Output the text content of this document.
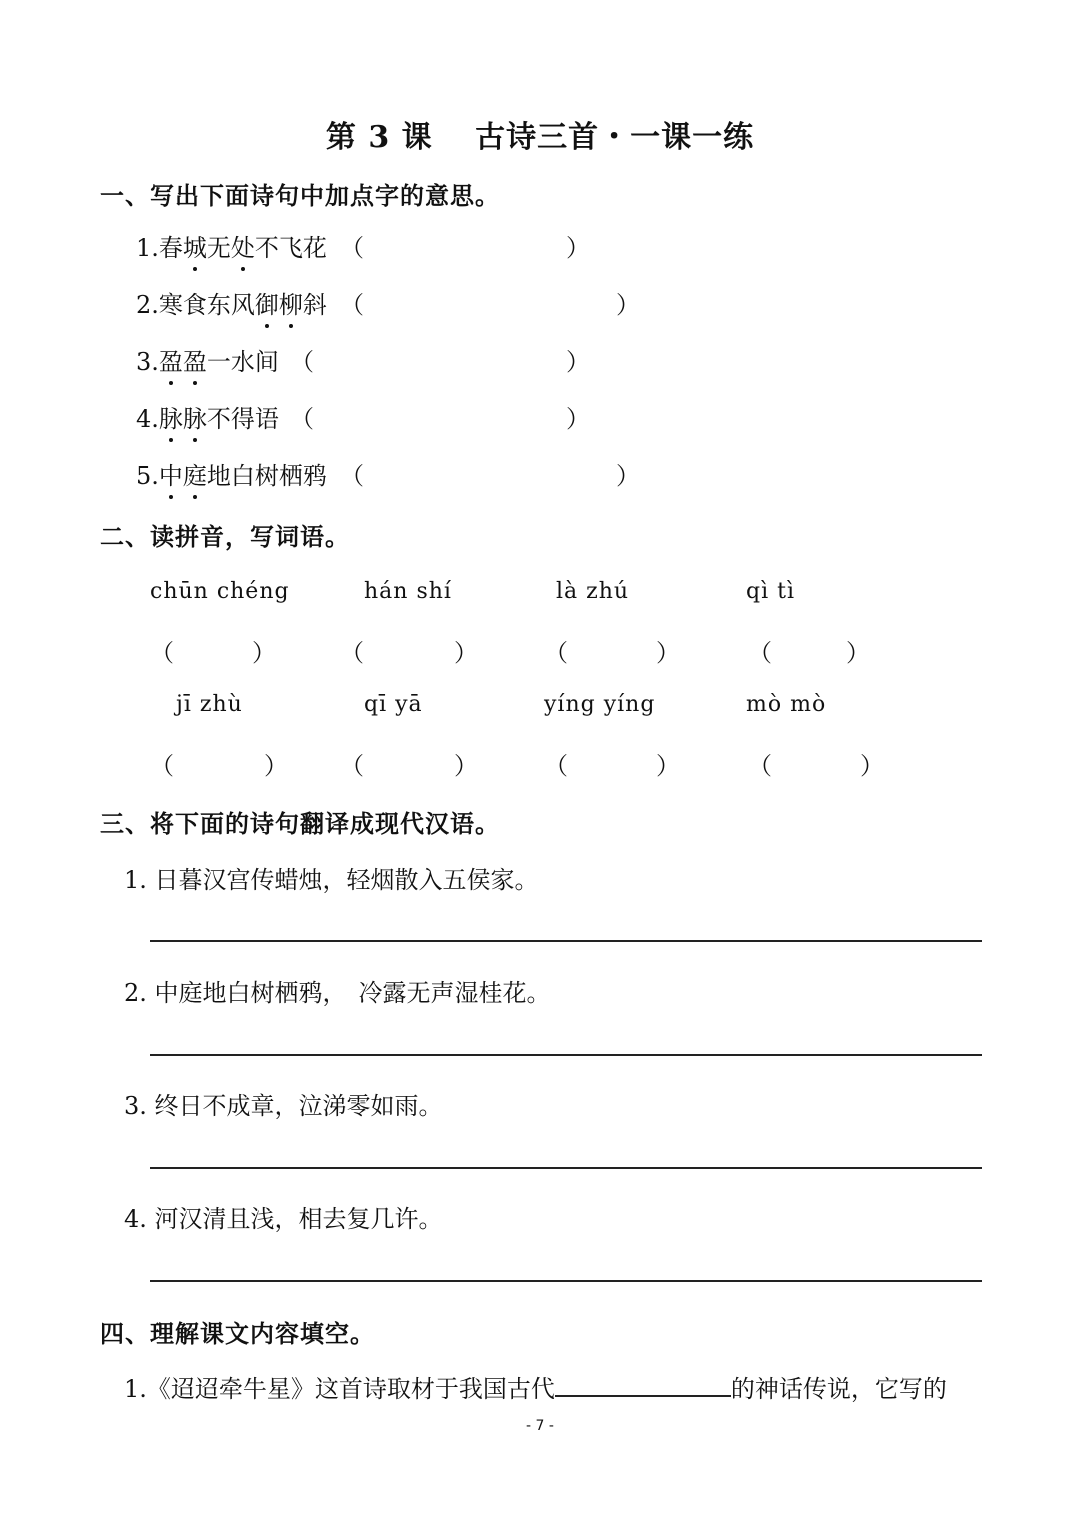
第 3 课　 古诗三首・一课一练
一、写出下面诗句中加点字的意思。
1.春城无处不飞花 （	）
2.寒食东风御柳斜 （	）
3.盈盈一水间 （	）
4.脉脉不得语 （	）
5.中庭地白树栖鸦 （	）
二、读拼音，写词语。
chūn chéng	hán shí	là zhú	qì tì
（	）	（	）	（	）	（	）
jī zhù	qī yā	yíng yíng	mò mò
（	） （	）	（	）	（	）
三、将下面的诗句翻译成现代汉语。
1. 日暮汉宫传蜡烛，轻烟散入五侯家。
2. 中庭地白树栖鸦，　冷露无声湿桂花。
3. 终日不成章，泣涕零如雨。
4. 河汉清且浅，相去复几许。
四、理解课文内容填空。
1.《迢迢牵牛星》这首诗取材于我国古代	的神话传说，它写的
- 7 -
